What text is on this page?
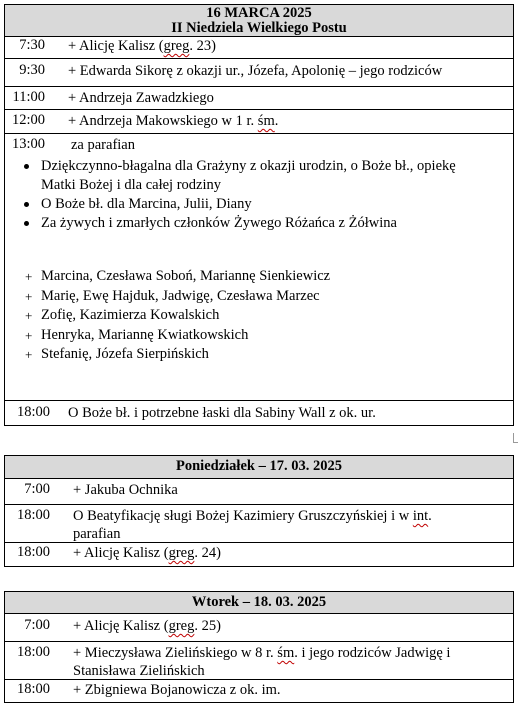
16 MARCA 2025
II Niedziela Wielkiego Postu
7:30	+ Alicję Kalisz (greg. 23)
9:30	+ Edwarda Sikorę z okazji ur., Józefa, Apolonię – jego rodziców
11:00	+ Andrzeja Zawadzkiego
12:00	+ Andrzeja Makowskiego w 1 r. śm.
13:00	za parafian
Dziękczynno-błagalna dla Grażyny z okazji urodzin, o Boże bł., opiekę Matki Bożej i dla całej rodziny
O Boże bł. dla Marcina, Julii, Diany
Za żywych i zmarłych członków Żywego Różańca z Żółwina
+ Marcina, Czesława Soboń, Mariannę Sienkiewicz
+ Marię, Ewę Hajduk, Jadwigę, Czesława Marzec
+ Zofię, Kazimierza Kowalskich
+ Henryka, Mariannę Kwiatkowskich
+ Stefanię, Józefa Sierpińskich
18:00	O Boże bł. i potrzebne łaski dla Sabiny Wall z ok. ur.
Poniedziałek – 17. 03. 2025
7:00	+ Jakuba Ochnika
18:00	O Beatyfikację sługi Bożej Kazimiery Gruszczyńskiej i w int. parafian
18:00	+ Alicję Kalisz (greg. 24)
Wtorek – 18. 03. 2025
7:00	+ Alicję Kalisz (greg. 25)
18:00	+ Mieczysława Zielińskiego w 8 r. śm. i jego rodziców Jadwigę i Stanisława Zielińskich
18:00	+ Zbigniewa Bojanowicza z ok. im.
